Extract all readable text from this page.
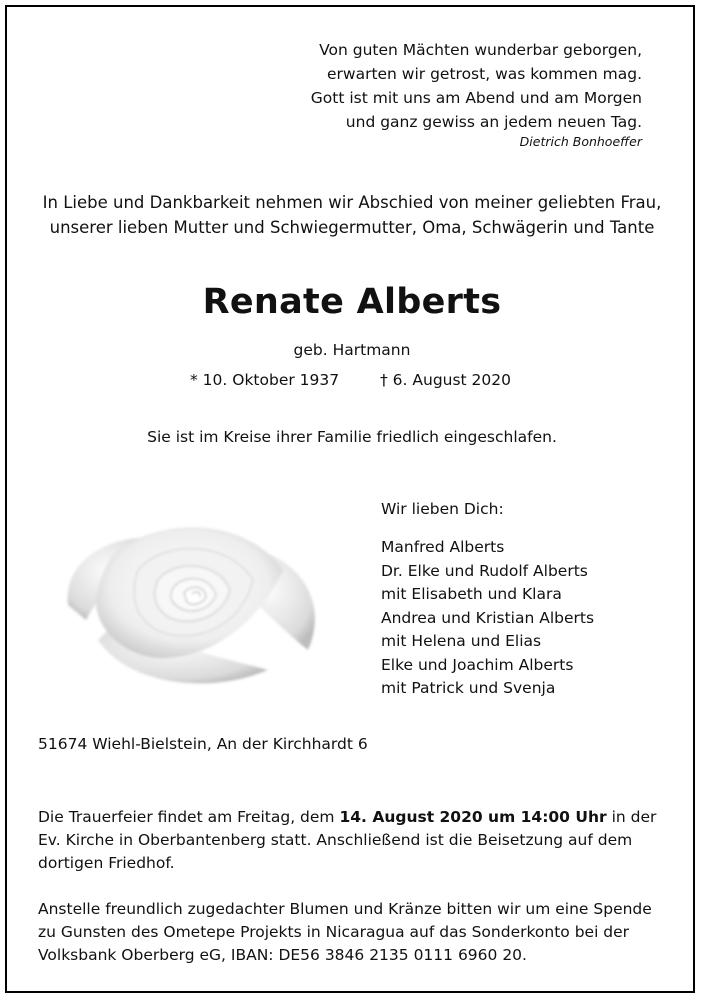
Von guten Mächten wunderbar geborgen,
erwarten wir getrost, was kommen mag.
Gott ist mit uns am Abend und am Morgen
und ganz gewiss an jedem neuen Tag.
Dietrich Bonhoeffer
In Liebe und Dankbarkeit nehmen wir Abschied von meiner geliebten Frau,
unserer lieben Mutter und Schwiegermutter, Oma, Schwägerin und Tante
Renate Alberts
geb. Hartmann
* 10. Oktober 1937	† 6. August 2020
Sie ist im Kreise ihrer Familie friedlich eingeschlafen.
Wir lieben Dich:
Manfred Alberts
Dr. Elke und Rudolf Alberts
mit Elisabeth und Klara
Andrea und Kristian Alberts
mit Helena und Elias
Elke und Joachim Alberts
mit Patrick und Svenja
51674 Wiehl-Bielstein, An der Kirchhardt 6
Die Trauerfeier findet am Freitag, dem 14. August 2020 um 14:00 Uhr in der Ev. Kirche in Oberbantenberg statt. Anschließend ist die Beisetzung auf dem dortigen Friedhof.
Anstelle freundlich zugedachter Blumen und Kränze bitten wir um eine Spende zu Gunsten des Ometepe Projekts in Nicaragua auf das Sonderkonto bei der Volksbank Oberberg eG, IBAN: DE56 3846 2135 0111 6960 20.
